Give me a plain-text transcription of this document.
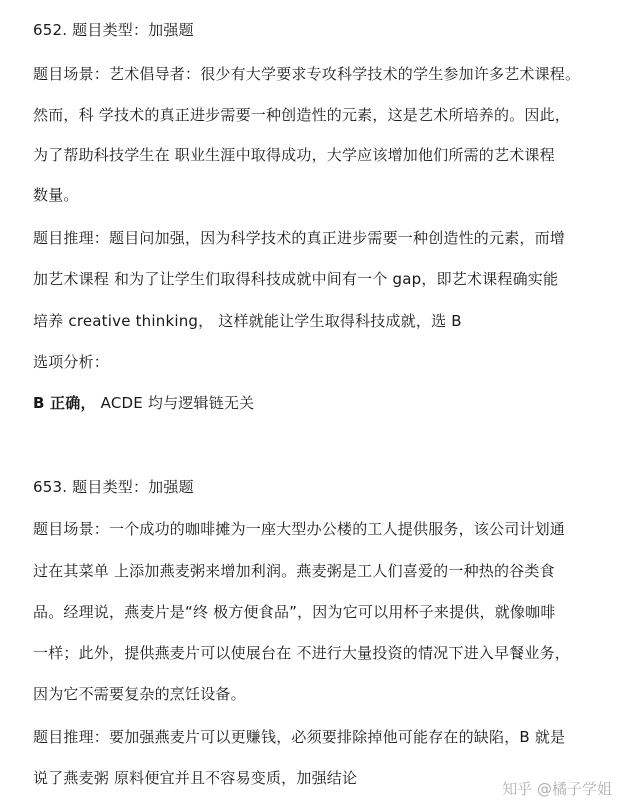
652. 题目类型：加强题

题目场景：艺术倡导者：很少有大学要求专攻科学技术的学生参加许多艺术课程。

然而，科 学技术的真正进步需要一种创造性的元素，这是艺术所培养的。因此，

为了帮助科技学生在 职业生涯中取得成功，大学应该增加他们所需的艺术课程

数量。

题目推理：题目问加强，因为科学技术的真正进步需要一种创造性的元素，而增

加艺术课程 和为了让学生们取得科技成就中间有一个 gap，即艺术课程确实能

培养 creative thinking， 这样就能让学生取得科技成就，选 B

选项分析：

B 正确， ACDE 均与逻辑链无关

653. 题目类型：加强题

题目场景：一个成功的咖啡摊为一座大型办公楼的工人提供服务，该公司计划通

过在其菜单 上添加燕麦粥来增加利润。燕麦粥是工人们喜爱的一种热的谷类食

品。经理说，燕麦片是“终 极方便食品”，因为它可以用杯子来提供，就像咖啡

一样；此外，提供燕麦片可以使展台在 不进行大量投资的情况下进入早餐业务，

因为它不需要复杂的烹饪设备。

题目推理：要加强燕麦片可以更赚钱，必须要排除掉他可能存在的缺陷，B 就是

说了燕麦粥 原料便宜并且不容易变质，加强结论

知乎 @橘子学姐
